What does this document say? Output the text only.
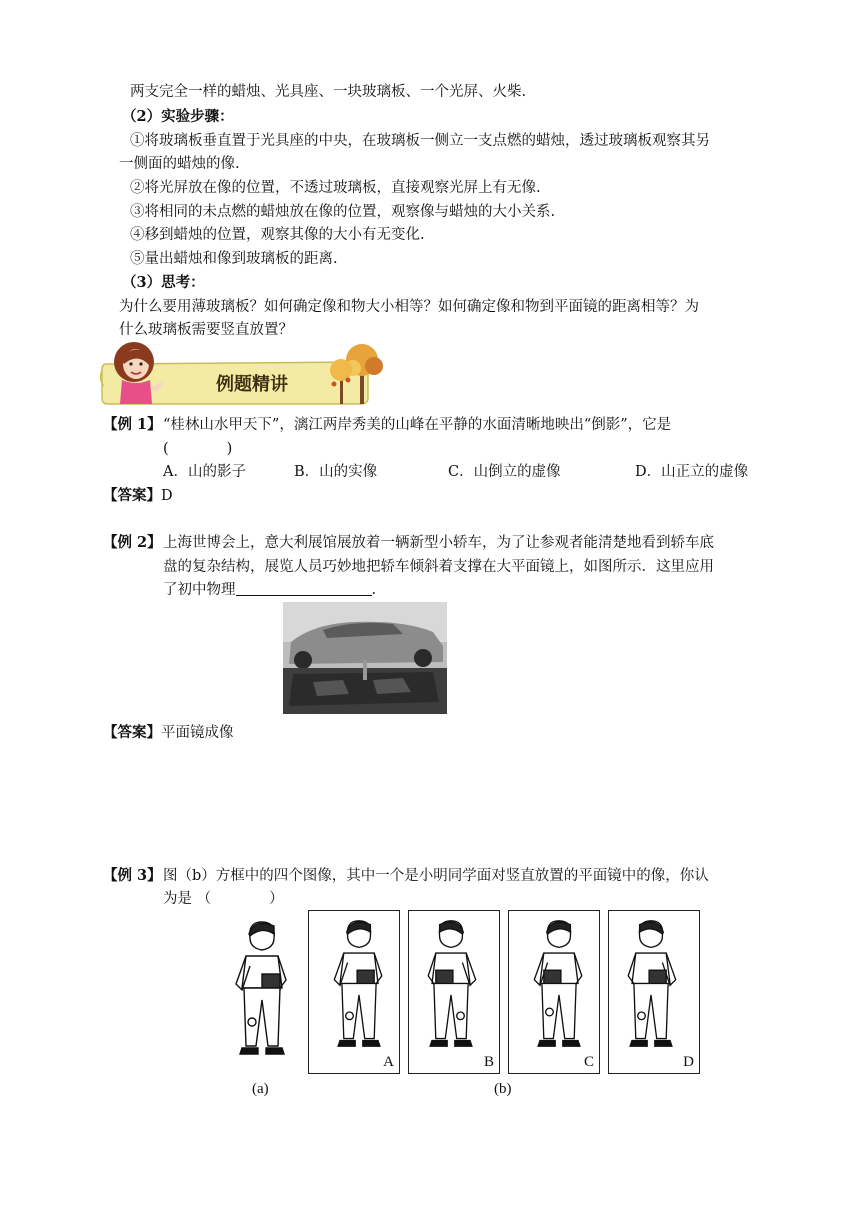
两支完全一样的蜡烛、光具座、一块玻璃板、一个光屏、火柴.
（2）实验步骤：
①将玻璃板垂直置于光具座的中央，在玻璃板一侧立一支点燃的蜡烛，透过玻璃板观察其另
一侧面的蜡烛的像.
②将光屏放在像的位置，不透过玻璃板，直接观察光屏上有无像.
③将相同的未点燃的蜡烛放在像的位置，观察像与蜡烛的大小关系.
④移到蜡烛的位置，观察其像的大小有无变化.
⑤量出蜡烛和像到玻璃板的距离.
（3）思考：
为什么要用薄玻璃板？如何确定像和物大小相等？如何确定像和物到平面镜的距离相等？为
什么玻璃板需要竖直放置？
例题精讲
【例 1】 “桂林山水甲天下”，漓江两岸秀美的山峰在平静的水面清晰地映出“倒影”，它是
(　　　　)
A．山的影子	B．山的实像	C．山倒立的虚像	D．山正立的虚像
【答案】D
【例 2】 上海世博会上，意大利展馆展放着一辆新型小轿车，为了让参观者能清楚地看到轿车底
盘的复杂结构，展览人员巧妙地把轿车倾斜着支撑在大平面镜上，如图所示．这里应用
了初中物理	.
【答案】平面镜成像
【例 3】 图（b）方框中的四个图像，其中一个是小明同学面对竖直放置的平面镜中的像，你认
为是 （　　　　）
A	B	C	D
(a)	(b)
